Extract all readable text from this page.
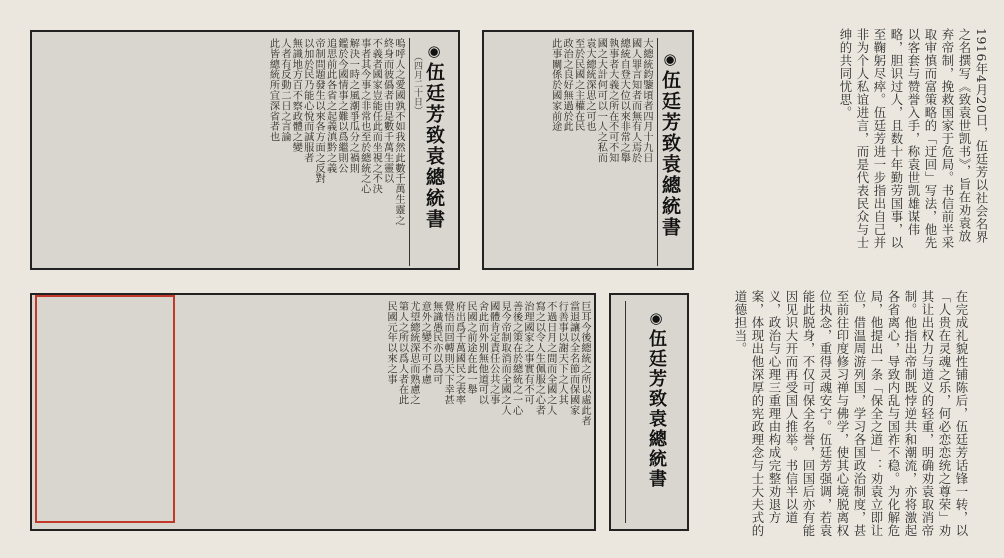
◉伍廷芳致袁總統書
（四月二十日）
嗚呼人之愛國孰不如我然此數千萬生靈之
終身而彼僞者由是數千萬生靈以
不義者國家豈能任此而坐視之不決
事者其今事之非常也至於總統之心
解決一時之風潮爭瓜分之禍則
鑑於今國情事之難以爲繼則公
追思前此各省之起義滇黔之義
帝制問題發生以來各方面之反對
以加於民乃能心悅而誠服者
無識地方百不察政體之變
人者有反動二日之言論
此皆總統所宜深省者也	◉伍廷芳致袁總統書
大總統鈞鑒頃者四月十九日
國人罪言知者而無有人焉於
總統自登大位以來非常之舉
執事者大義之所在不可不知
國之大計何可以一人之私而
袁大總統深思之可也
至於民國之主權在民
政治之良好無過於此
此事關係於國家前途
巨耳今後總統之所以處此者
當退讓以全名節而保國家
行善事以謝天下之人其
不過日月之間而全國之人
寫之以令人生佩服之心者
治理國家之事實有不可
善後之策在於總統之一心
見今帝制取消而全國之人
國體肯定責任公共之事
舍此而外別無他道可以
民國之前途在此一舉
府出爲千萬國民之表率
覺悟而回轉則天下幸甚
無識愚民亦以爲可
意外之變不可不慮
尤望總統深思而熟慮之
第人之所以爲人者在此
民國元年以來之事	◉伍廷芳致袁總統書
1916年4月20日，伍廷芳以社会名界之名撰写《致袁世凯书》，旨在劝袁放弃帝制，挽救国家于危局。书信前半采取审慎而富策略的「迂回」写法，他先以客套与赞誉入手，称袁世凯雄谋伟略，胆识过人，且数十年勤劳国事，以至鞠躬尽瘁。伍廷芳进一步指出自己并非为个人私谊进言，而是代表民众与士绅的共同忧思。
在完成礼貌性铺陈后，伍廷芳话锋一转，以「人贵在灵魂之乐，何必恋恋统之尊荣」劝其让出权力与道义的轻重，明确劝袁取消帝制。他指出帝制既悖逆共和潮流，亦将激起各省离心，导致内乱与国祚不稳。为化解危局，他提出一条「保全之道」：劝袁立即让位，借温周游列国，学习各国政治制度，甚至前往印度修习禅与佛学，使其心境脱离权位执念，重得灵魂安宁。伍廷芳强调，若袁能此脱身，不仅可保全名誉，回国后亦有能因见识大开而再受国人推举。书信半以道义，政治与心理三重理由构成完整劝退方案，体现出他深厚的宪政理念与士大夫式的道德担当。
